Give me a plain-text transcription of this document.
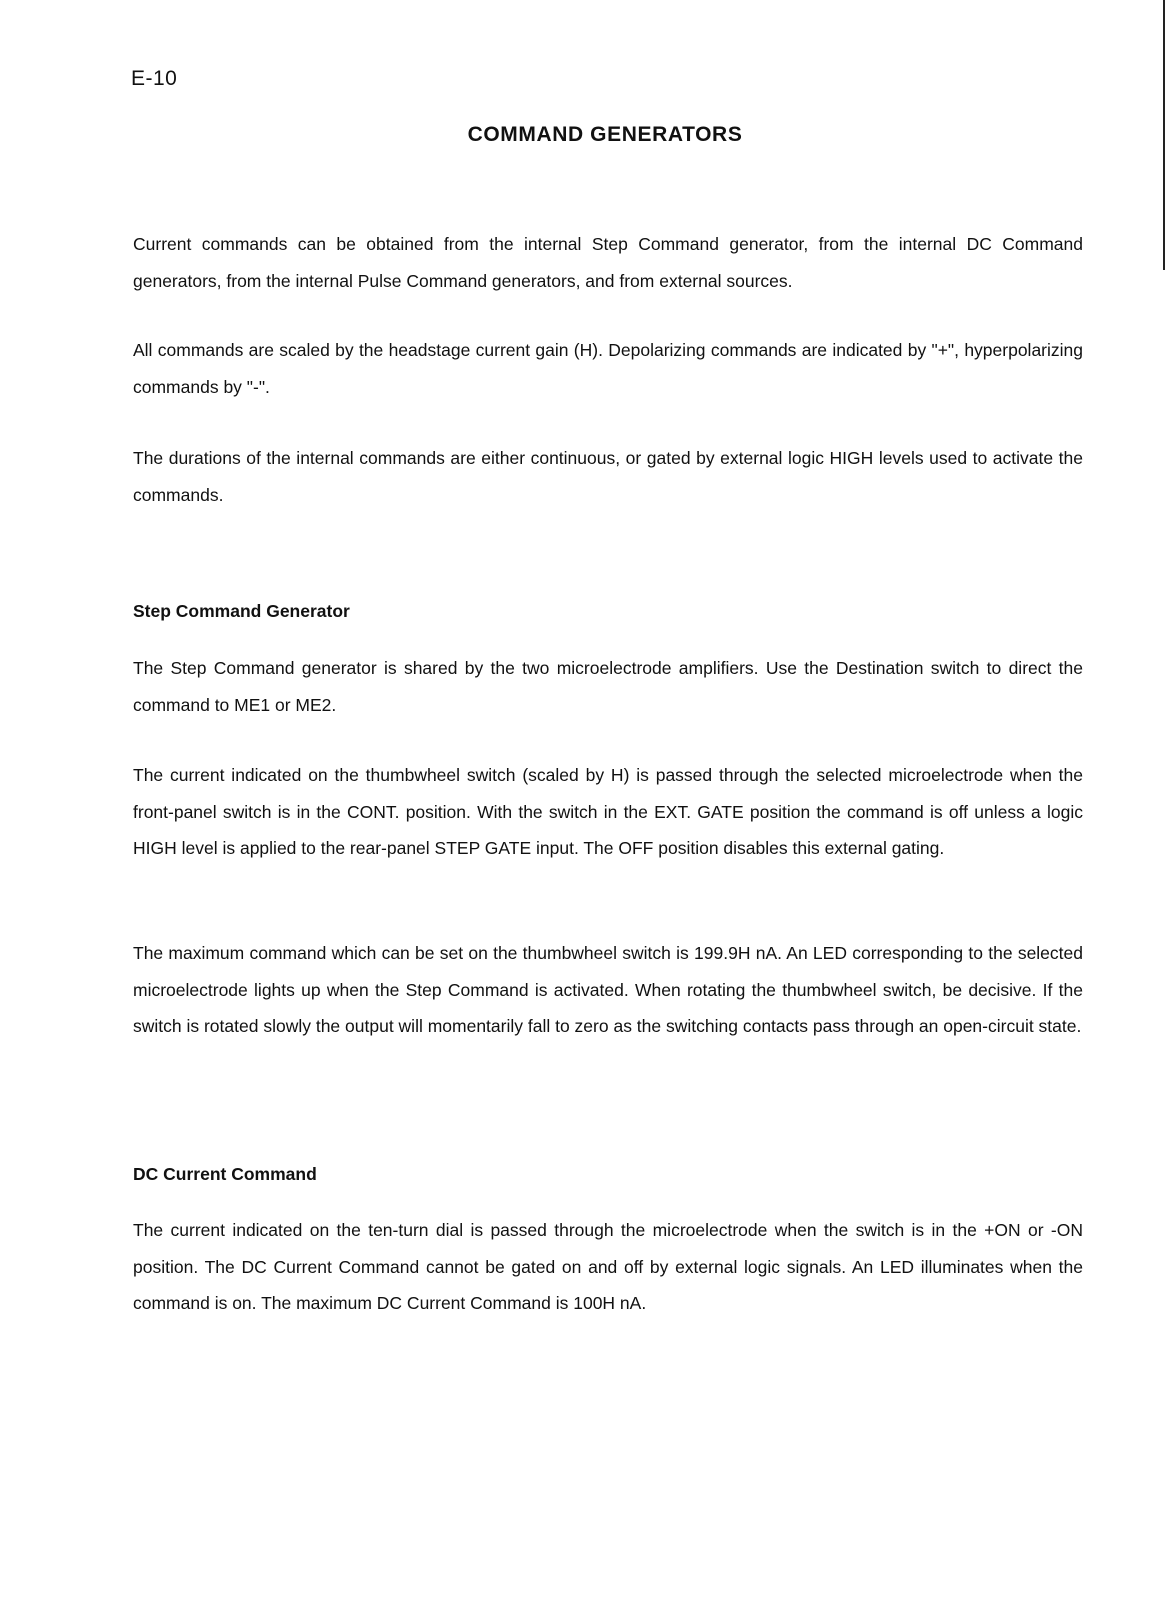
E-10
COMMAND GENERATORS

Current commands can be obtained from the internal Step Command generator, from the internal DC Command generators, from the internal Pulse Command generators, and from external sources.

All commands are scaled by the headstage current gain (H). Depolarizing commands are indicated by "+", hyperpolarizing commands by "-".

The durations of the internal commands are either continuous, or gated by external logic HIGH levels used to activate the commands.

Step Command Generator

The Step Command generator is shared by the two microelectrode amplifiers. Use the Destination switch to direct the command to ME1 or ME2.

The current indicated on the thumbwheel switch (scaled by H) is passed through the selected microelectrode when the front-panel switch is in the CONT. position. With the switch in the EXT. GATE position the command is off unless a logic HIGH level is applied to the rear-panel STEP GATE input. The OFF position disables this external gating.

The maximum command which can be set on the thumbwheel switch is 199.9H nA. An LED corresponding to the selected microelectrode lights up when the Step Command is activated. When rotating the thumbwheel switch, be decisive. If the switch is rotated slowly the output will momentarily fall to zero as the switching contacts pass through an open-circuit state.

DC Current Command

The current indicated on the ten-turn dial is passed through the microelectrode when the switch is in the +ON or -ON position. The DC Current Command cannot be gated on and off by external logic signals. An LED illuminates when the command is on. The maximum DC Current Command is 100H nA.
